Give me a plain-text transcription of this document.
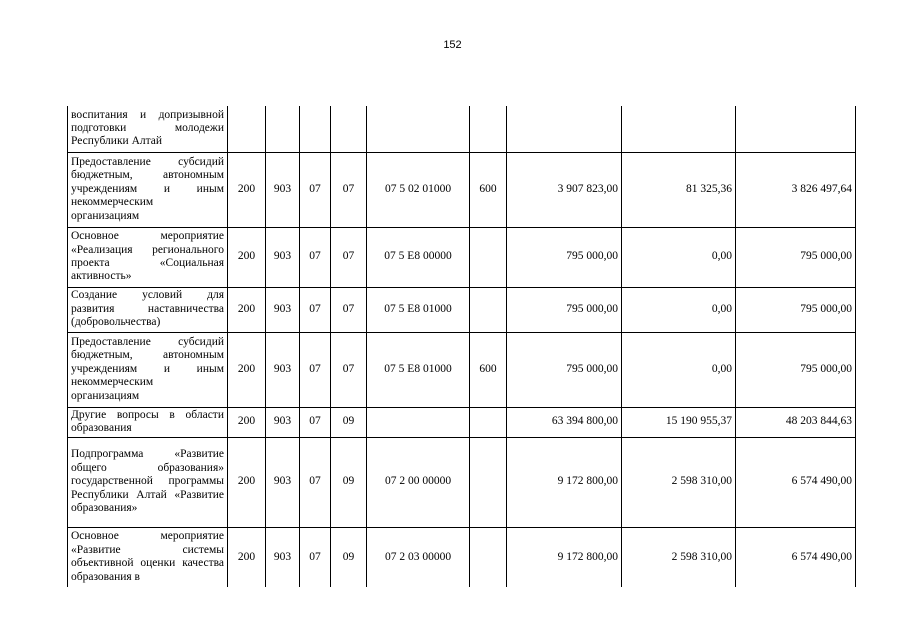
152
воспитания и допризывной подготовки молодежи Республики Алтай									
Предоставление субсидий бюджетным, автономным учреждениям и иным некоммерческим организациям	200	903	07	07	07 5 02 01000	600	3 907 823,00	81 325,36	3 826 497,64
Основное мероприятие «Реализация регионального проекта «Социальная активность»	200	903	07	07	07 5 Е8 00000		795 000,00	0,00	795 000,00
Создание условий для развития наставничества (добровольчества)	200	903	07	07	07 5 Е8 01000		795 000,00	0,00	795 000,00
Предоставление субсидий бюджетным, автономным учреждениям и иным некоммерческим организациям	200	903	07	07	07 5 Е8 01000	600	795 000,00	0,00	795 000,00
Другие вопросы в области образования	200	903	07	09			63 394 800,00	15 190 955,37	48 203 844,63
Подпрограмма «Развитие общего образования» государственной программы Республики Алтай «Развитие образования»	200	903	07	09	07 2 00 00000		9 172 800,00	2 598 310,00	6 574 490,00
Основное мероприятие «Развитие системы объективной оценки качества образования в	200	903	07	09	07 2 03 00000		9 172 800,00	2 598 310,00	6 574 490,00
